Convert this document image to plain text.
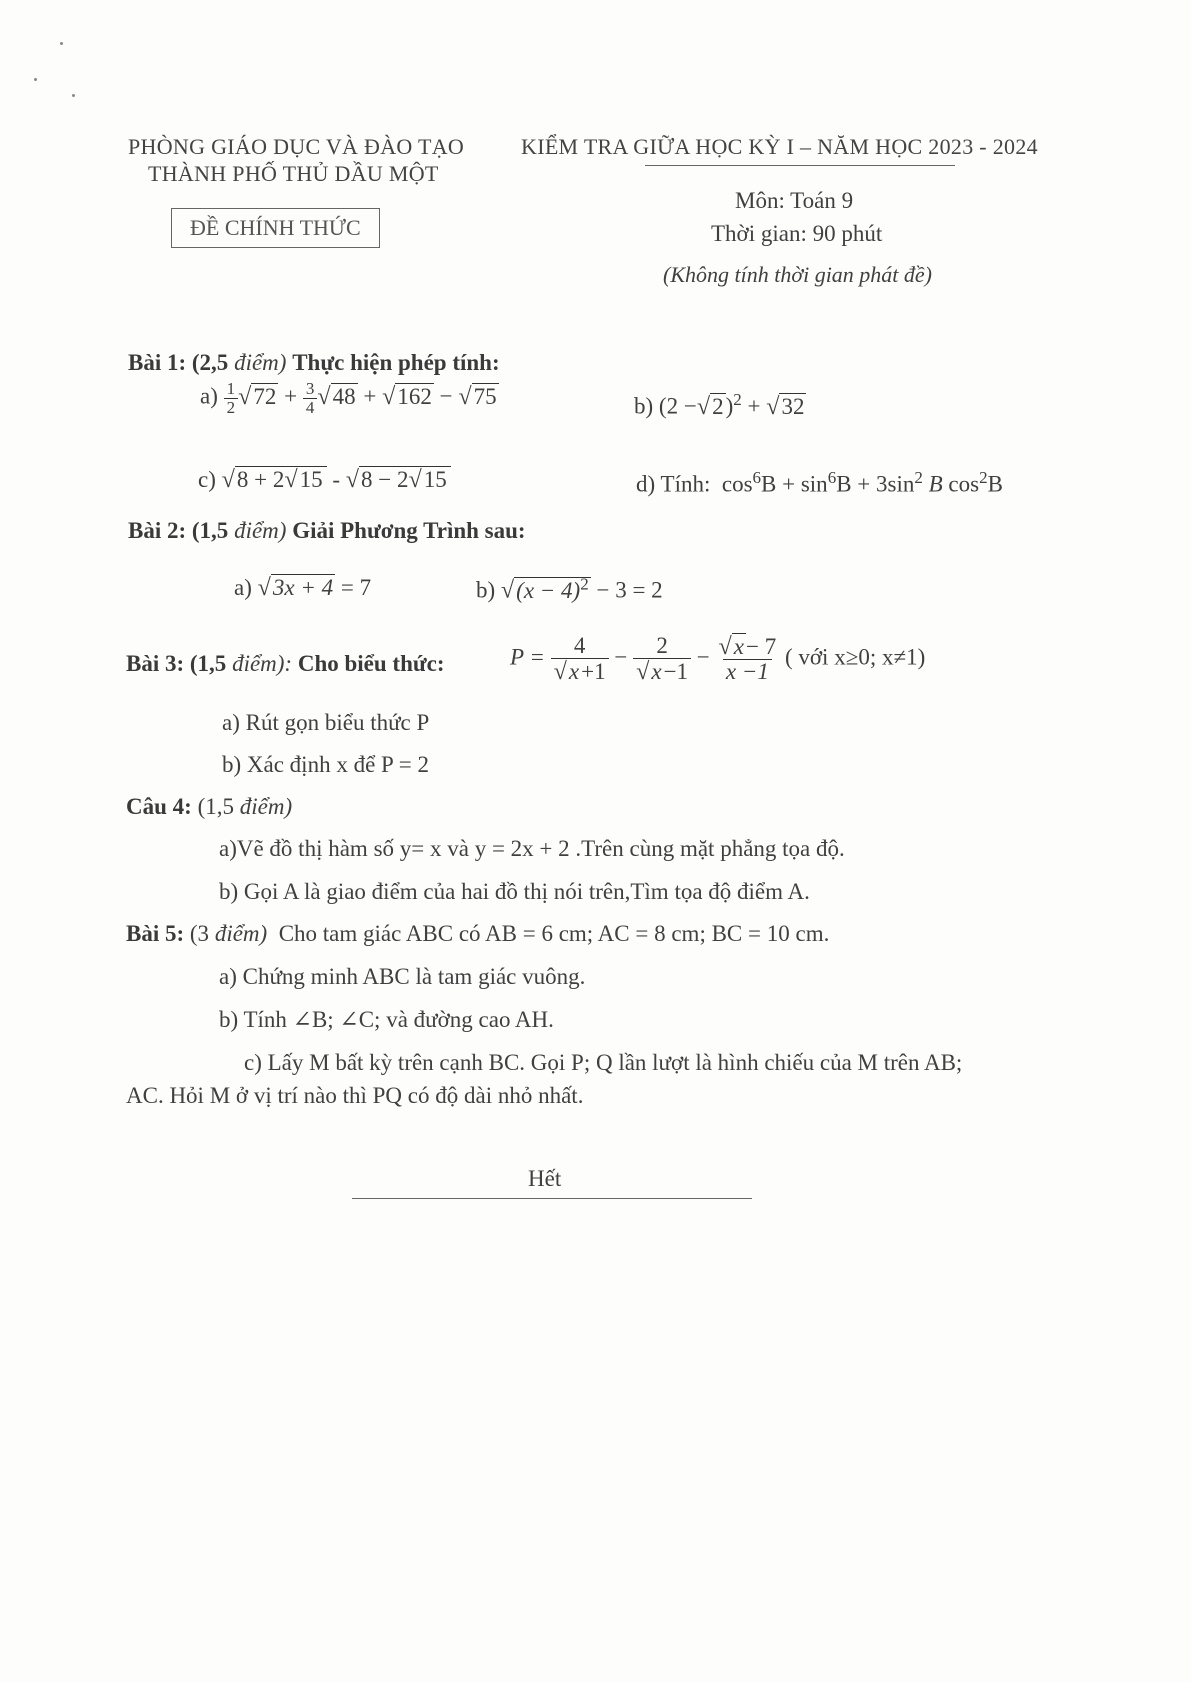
PHÒNG GIÁO DỤC VÀ ĐÀO TẠO
THÀNH PHỐ THỦ DẦU MỘT
KIỂM TRA GIỮA HỌC KỲ I – NĂM HỌC 2023 - 2024
ĐỀ CHÍNH THỨC
Môn: Toán 9
Thời gian: 90 phút
(Không tính thời gian phát đề)
Bài 1: (2,5 điểm) Thực hiện phép tính:
$a) \frac{1}{2} √72 + \frac{3}{4} √48 + √162 - √75$	b) $(2 -√2)^2 + √32$
c) √8 + 2√15 - √8 − 2√15	d) Tính: $\cos^6B + \sin^6B + 3\sin^2$ B $\cos^2B$
Bài 2: (1,5 điểm) Giải Phương Trình sau:
a) √3x + 4 = 7	b) $√(x - 4)^2 - 3 = 2$
Bài 3: (1,5 điểm): Cho biểu thức:	$P = \frac{4}{√x+1} - \frac{2}{√x-1} - \frac{√x- 7}{x -1}$ ( với x≥0; x≠1)
a) Rút gọn biểu thức P
b) Xác định x để P = 2
Câu 4: (1,5 điểm)
a)Vẽ đồ thị hàm số y= x và y = 2x + 2 .Trên cùng mặt phẳng tọa độ.
b) Gọi A là giao điểm của hai đồ thị nói trên,Tìm tọa độ điểm A.
Bài 5: (3 điểm) Cho tam giác ABC có AB = 6 cm; AC = 8 cm; BC = 10 cm.
a) Chứng minh ABC là tam giác vuông.
b) Tính ∠B; ∠C; và đường cao AH.
c) Lấy M bất kỳ trên cạnh BC. Gọi P; Q lần lượt là hình chiếu của M trên AB;
AC. Hỏi M ở vị trí nào thì PQ có độ dài nhỏ nhất.
Hết
